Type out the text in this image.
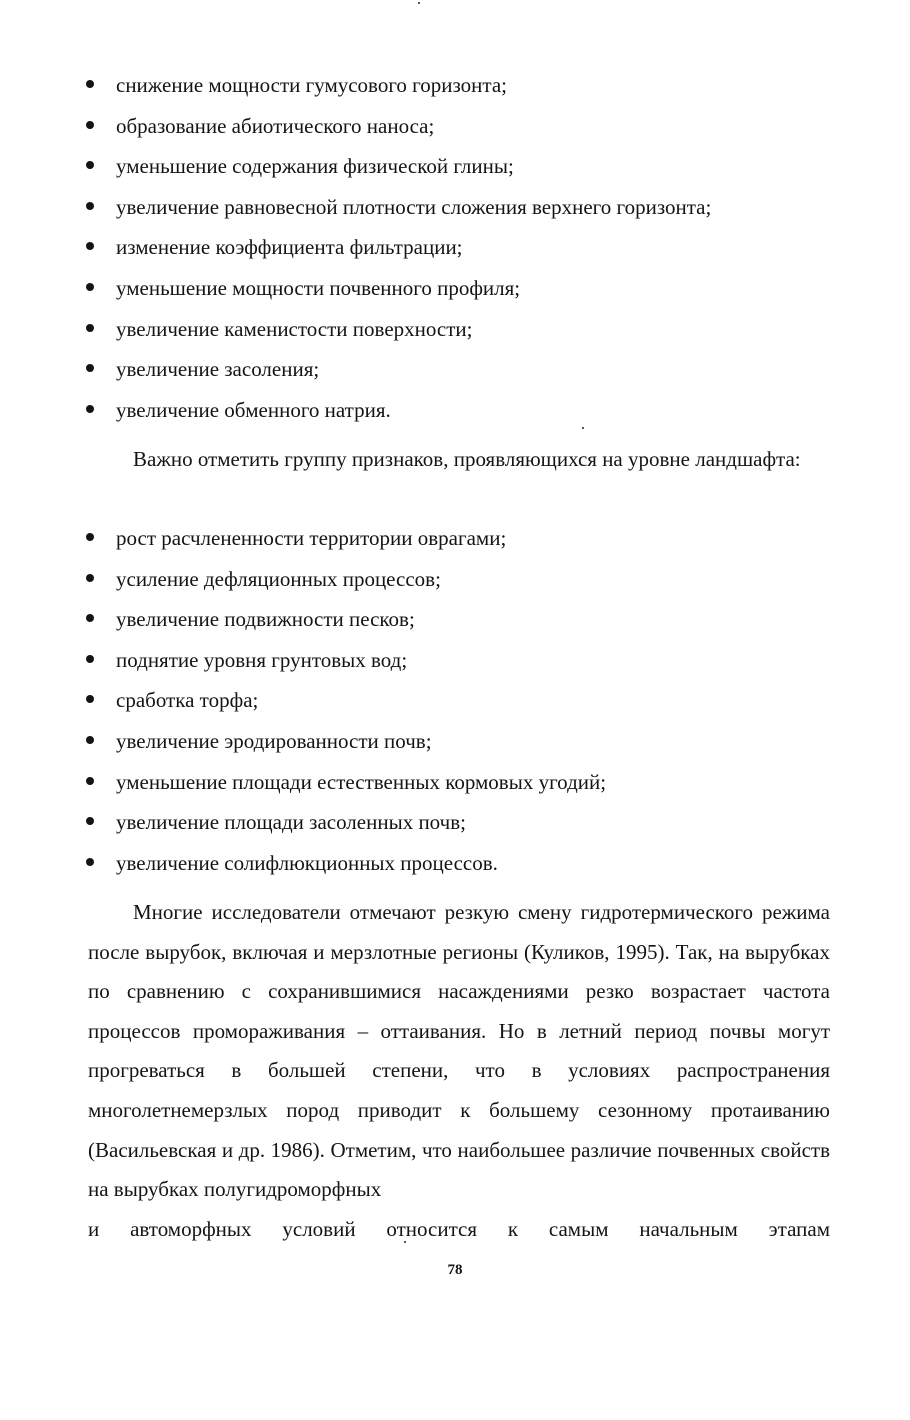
снижение мощности гумусового горизонта;
образование абиотического наноса;
уменьшение содержания физической глины;
увеличение равновесной плотности сложения верхнего горизонта;
изменение коэффициента фильтрации;
уменьшение мощности почвенного профиля;
увеличение каменистости поверхности;
увеличение засоления;
увеличение обменного натрия.

Важно отметить группу признаков, проявляющихся на уровне ландшафта:

рост расчлененности территории оврагами;
усиление дефляционных процессов;
увеличение подвижности песков;
поднятие уровня грунтовых вод;
сработка торфа;
увеличение эродированности почв;
уменьшение площади естественных кормовых угодий;
увеличение площади засоленных почв;
увеличение солифлюкционных процессов.

Многие исследователи отмечают резкую смену гидротермического режима после вырубок, включая и мерзлотные регионы (Куликов, 1995). Так, на вырубках по сравнению с сохранившимися насаждениями резко возрастает частота процессов промораживания – оттаивания. Но в летний период почвы могут прогреваться в большей степени, что в условиях распространения многолетнемерзлых пород приводит к большему сезонному протаиванию (Васильевская и др. 1986). Отметим, что наибольшее различие почвенных свойств на вырубках полугидроморфных
и автоморфных условий относится к самым начальным этапам

78
